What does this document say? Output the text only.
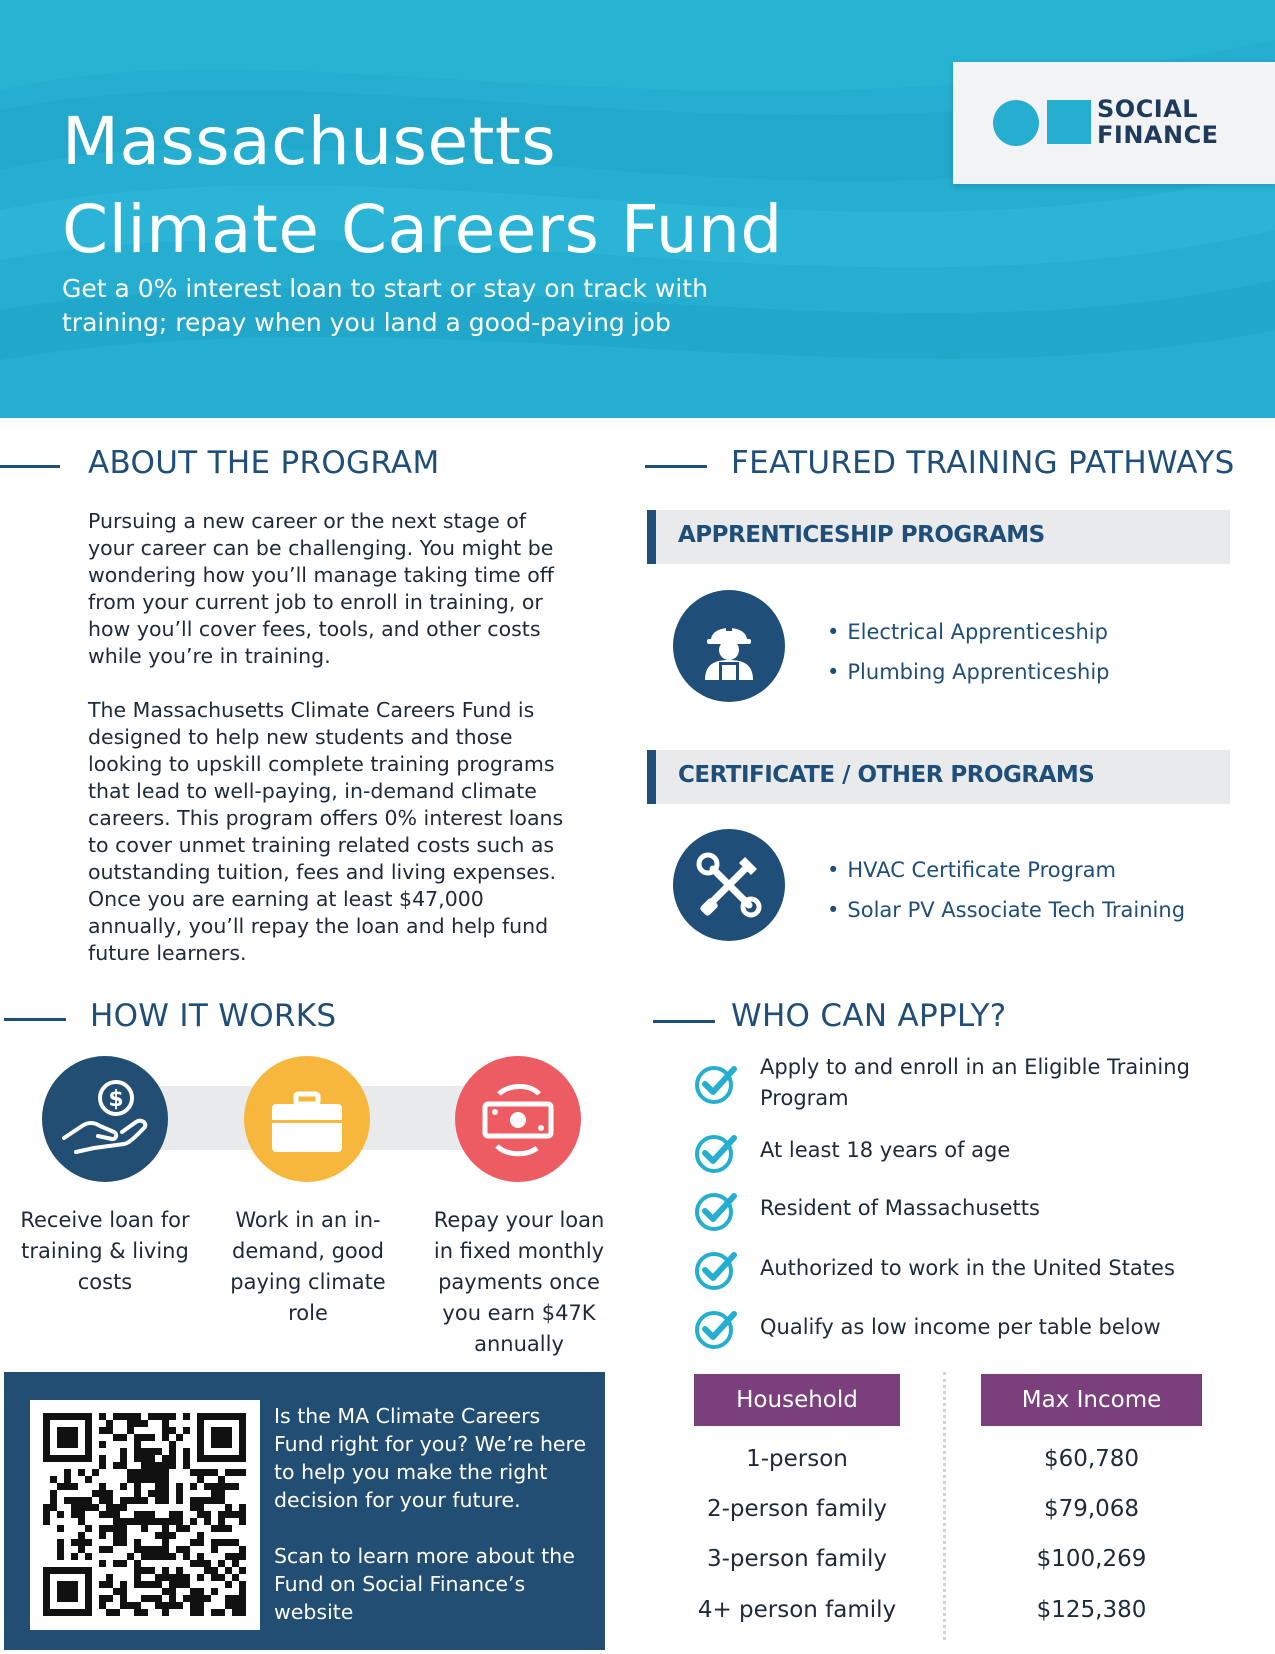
Massachusetts
Climate Careers Fund
Get a 0% interest loan to start or stay on track with training; repay when you land a good-paying job
SOCIAL
FINANCE
ABOUT THE PROGRAM

Pursuing a new career or the next stage of your career can be challenging. You might be wondering how you’ll manage taking time off from your current job to enroll in training, or how you’ll cover fees, tools, and other costs while you’re in training.

The Massachusetts Climate Careers Fund is designed to help new students and those looking to upskill complete training programs that lead to well-paying, in-demand climate careers. This program offers 0% interest loans to cover unmet training related costs such as outstanding tuition, fees and living expenses. Once you are earning at least $47,000 annually, you’ll repay the loan and help fund future learners.

FEATURED TRAINING PATHWAYS
APPRENTICESHIP PROGRAMS
• Electrical Apprenticeship
• Plumbing Apprenticeship
CERTIFICATE / OTHER PROGRAMS
• HVAC Certificate Program
• Solar PV Associate Tech Training
HOW IT WORKS
$
Receive loan for training & living costs
Work in an in-demand, good paying climate role
Repay your loan in fixed monthly payments once you earn $47K annually
WHO CAN APPLY?
Apply to and enroll in an Eligible Training Program
At least 18 years of age
Resident of Massachusetts
Authorized to work in the United States
Qualify as low income per table below
Household	Max Income
1-person	$60,780
2-person family	$79,068
3-person family	$100,269
4+ person family	$125,380

Is the MA Climate Careers Fund right for you? We’re here to help you make the right decision for your future.

Scan to learn more about the Fund on Social Finance’s website
